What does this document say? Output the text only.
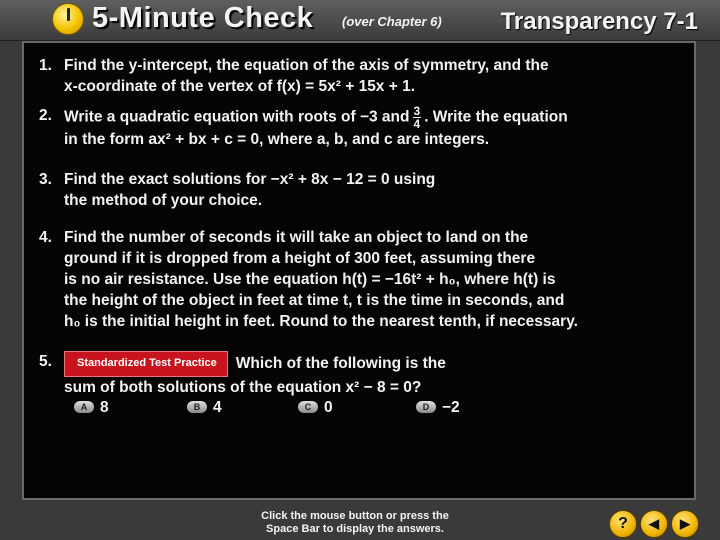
5-Minute Check (over Chapter 6) Transparency 7-1
1. Find the y-intercept, the equation of the axis of symmetry, and the
x-coordinate of the vertex of f(x) = 5x² + 15x + 1.
2. Write a quadratic equation with roots of −3 and $\frac{3}{4}$ . Write the equation
in the form ax² + bx + c = 0, where a, b, and c are integers.
3. Find the exact solutions for −x² + 8x − 12 = 0 using
the method of your choice.
4. Find the number of seconds it will take an object to land on the
ground if it is dropped from a height of 300 feet, assuming there
is no air resistance. Use the equation h(t) = −16t² + h₀, where h(t) is
the height of the object in feet at time t, t is the time in seconds, and
h₀ is the initial height in feet. Round to the nearest tenth, if necessary.
5.	Standardized Test Practice Which of the following is the
sum of both solutions of the equation x² − 8 = 0?
A 8	B 4	C 0	D −2
Click the mouse button or press the
Space Bar to display the answers.	?	◀	▶
